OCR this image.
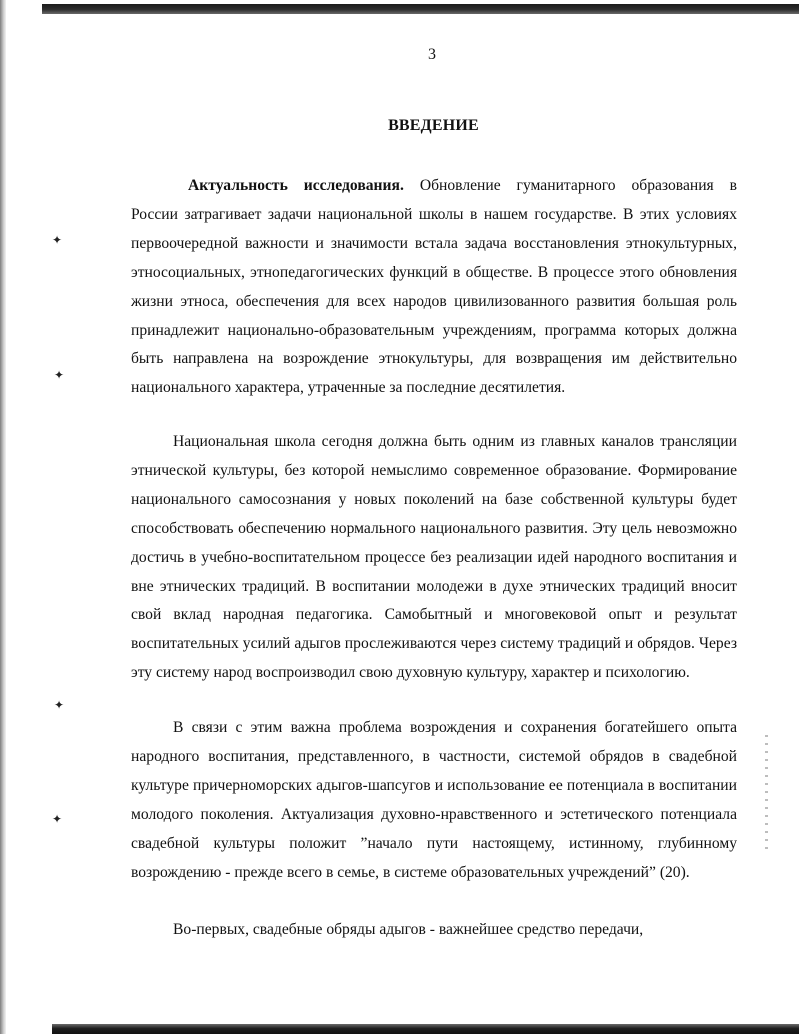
✦
✦
✦
✦
3
ВВЕДЕНИЕ

Актуальность исследования. Обновление гуманитарного образования в России затрагивает задачи национальной школы в нашем государстве. В этих условиях первоочередной важности и значимости встала задача восстановления этнокультурных, этносоциальных, этнопедагогических функций в обществе. В процессе этого обновления жизни этноса, обеспечения для всех народов цивилизованного развития большая роль принадлежит национально-образовательным учреждениям, программа которых должна быть направлена на возрождение этнокультуры, для возвращения им действительно национального характера, утраченные за последние десятилетия.

Национальная школа сегодня должна быть одним из главных каналов трансляции этнической культуры, без которой немыслимо современное образование. Формирование национального самосознания у новых поколений на базе собственной культуры будет способствовать обеспечению нормального национального развития. Эту цель невозможно достичь в учебно-воспитательном процессе без реализации идей народного воспитания и вне этнических традиций. В воспитании молодежи в духе этнических традиций вносит свой вклад народная педагогика. Самобытный и многовековой опыт и результат воспитательных усилий адыгов прослеживаются через систему традиций и обрядов. Через эту систему народ воспроизводил свою духовную культуру, характер и психологию.

В связи с этим важна проблема возрождения и сохранения богатейшего опыта народного воспитания, представленного, в частности, системой обрядов в свадебной культуре причерноморских адыгов-шапсугов и использование ее потенциала в воспитании молодого поколения. Актуализация духовно-нравственного и эстетического потенциала свадебной культуры положит ”начало пути настоящему, истинному, глубинному возрождению - прежде всего в семье, в системе образовательных учреждений” (20).

Во-первых, свадебные обряды адыгов - важнейшее средство передачи,
